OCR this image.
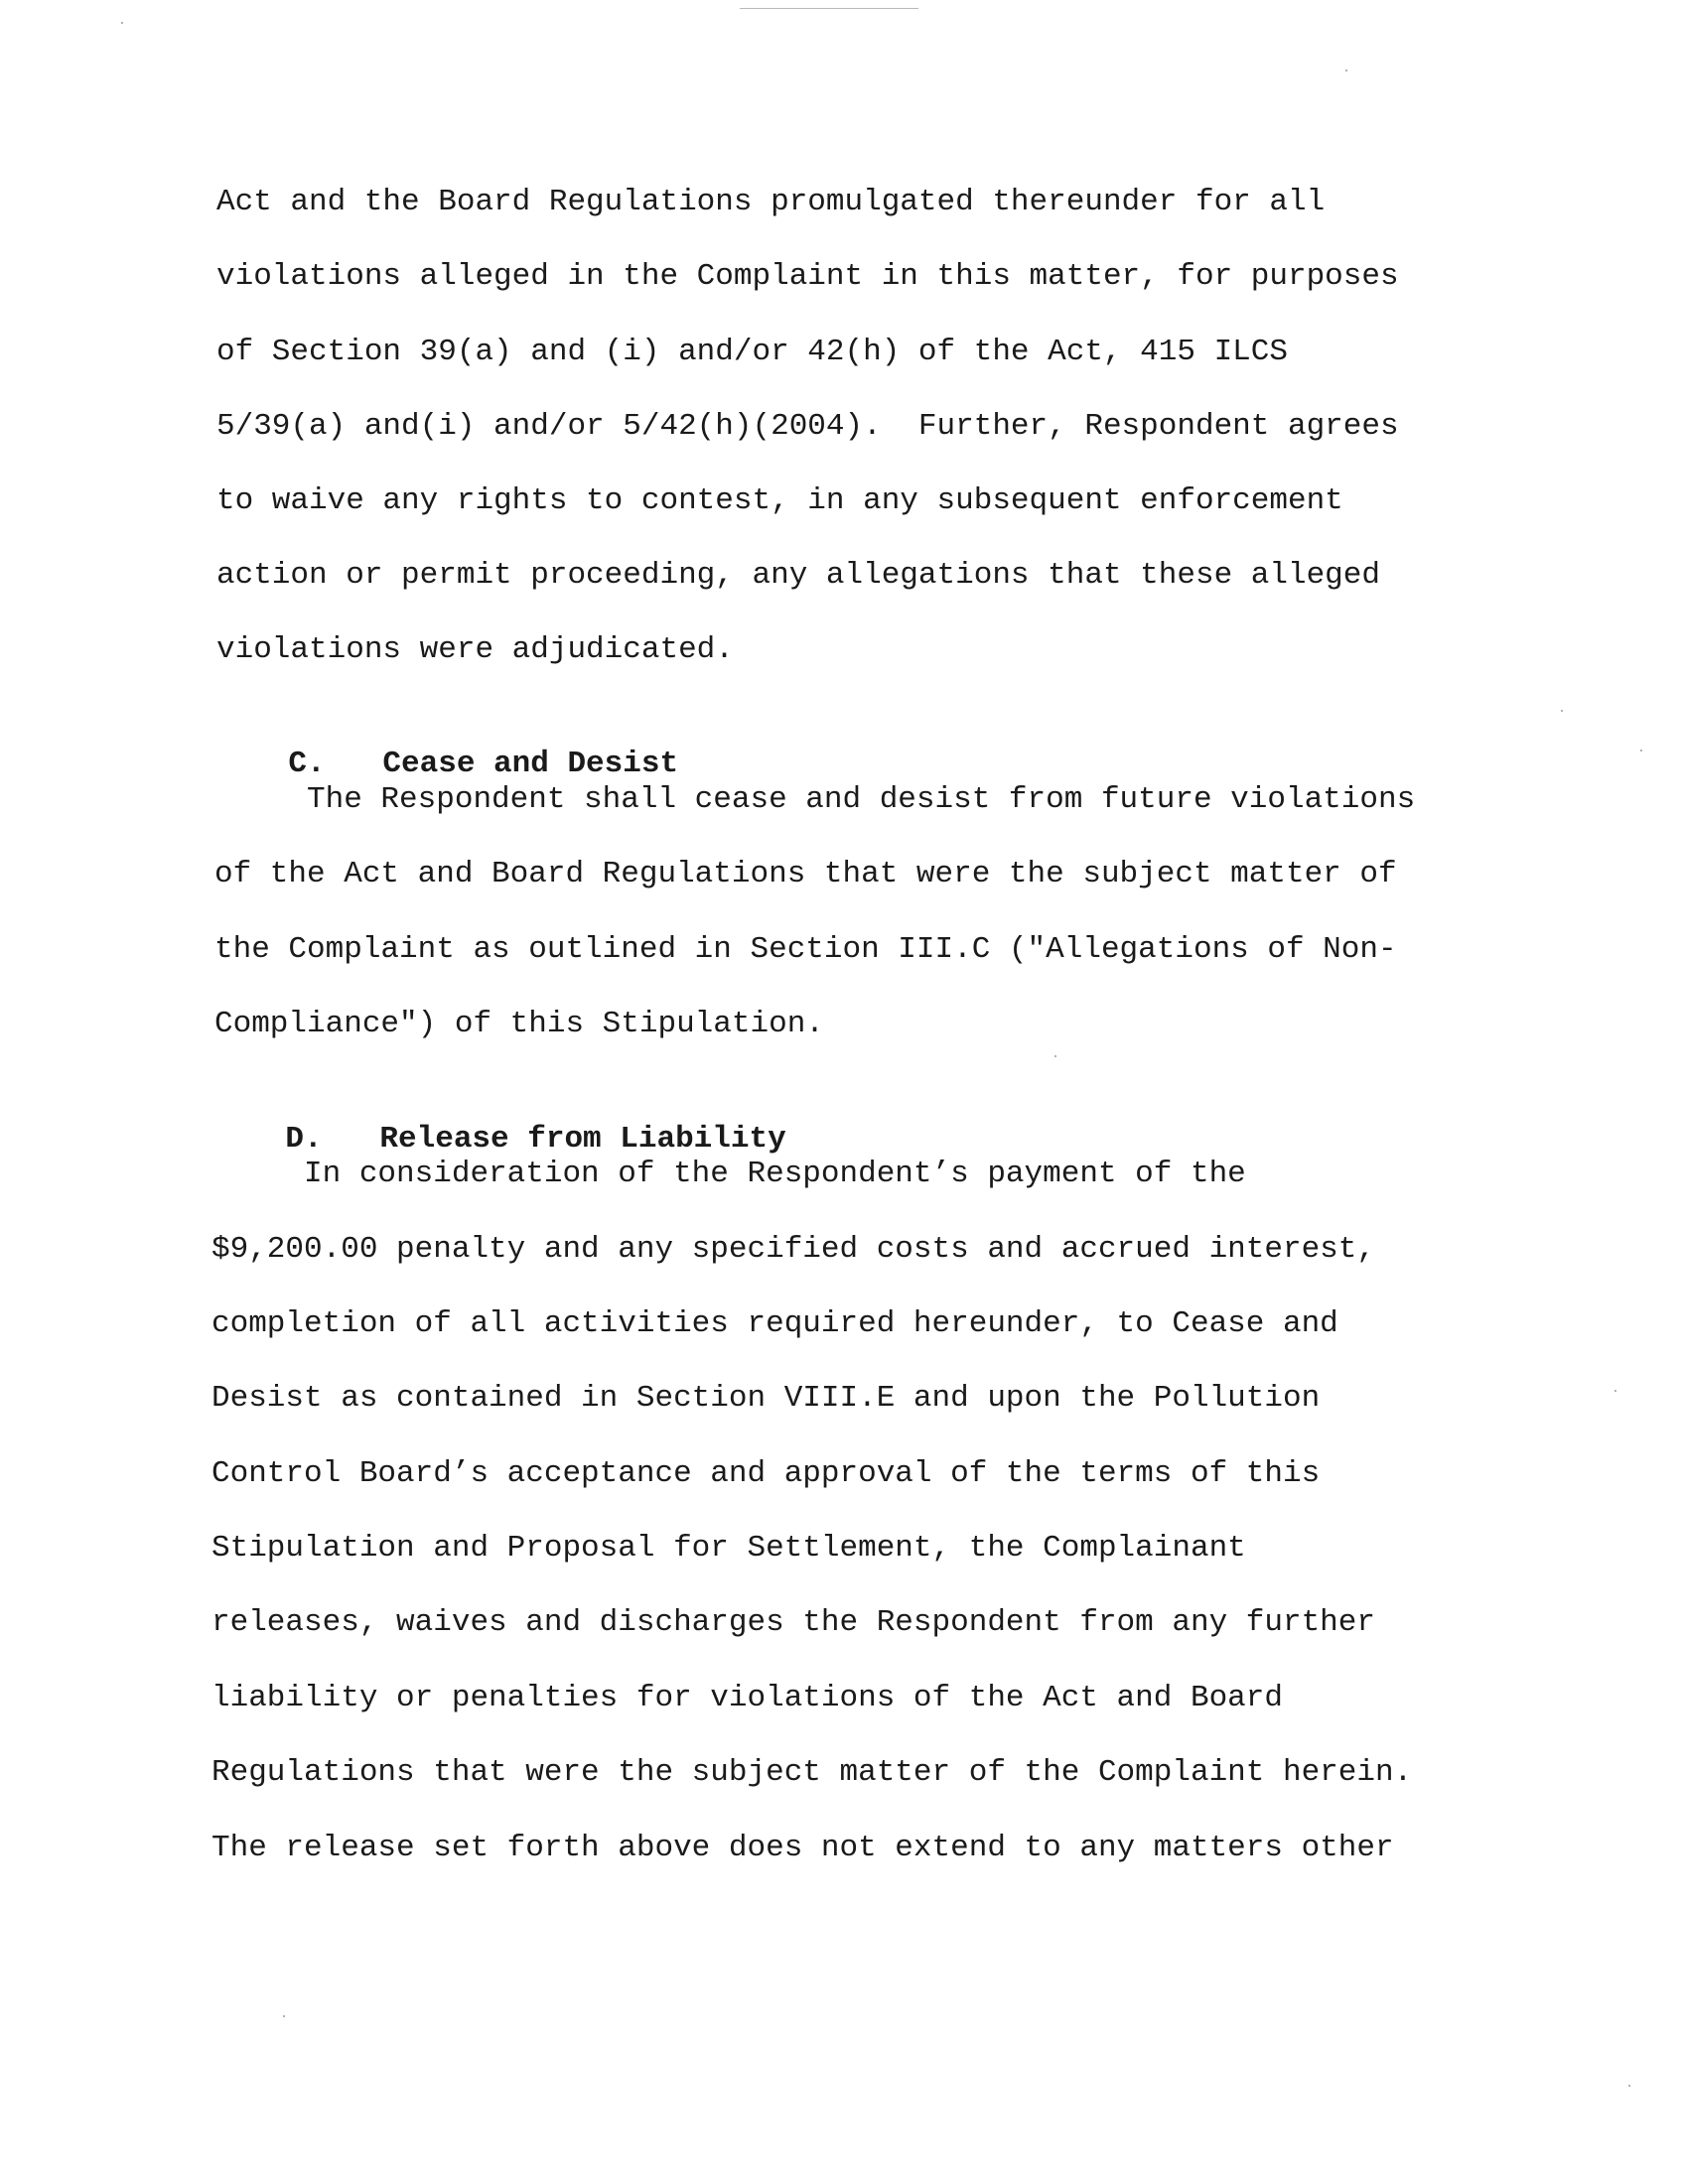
Act and the Board Regulations promulgated thereunder for all

violations alleged in the Complaint in this matter, for purposes

of Section 39(a) and (i) and/or 42(h) of the Act, 415 ILCS

5/39(a) and(i) and/or 5/42(h)(2004).  Further, Respondent agrees

to waive any rights to contest, in any subsequent enforcement

action or permit proceeding, any allegations that these alleged

violations were adjudicated.

C. Cease and Desist

The Respondent shall cease and desist from future violations

of the Act and Board Regulations that were the subject matter of

the Complaint as outlined in Section III.C ("Allegations of Non-

Compliance") of this Stipulation.

D. Release from Liability

In consideration of the Respondent’s payment of the

$9,200.00 penalty and any specified costs and accrued interest,

completion of all activities required hereunder, to Cease and

Desist as contained in Section VIII.E and upon the Pollution

Control Board’s acceptance and approval of the terms of this

Stipulation and Proposal for Settlement, the Complainant

releases, waives and discharges the Respondent from any further

liability or penalties for violations of the Act and Board

Regulations that were the subject matter of the Complaint herein.

The release set forth above does not extend to any matters other
